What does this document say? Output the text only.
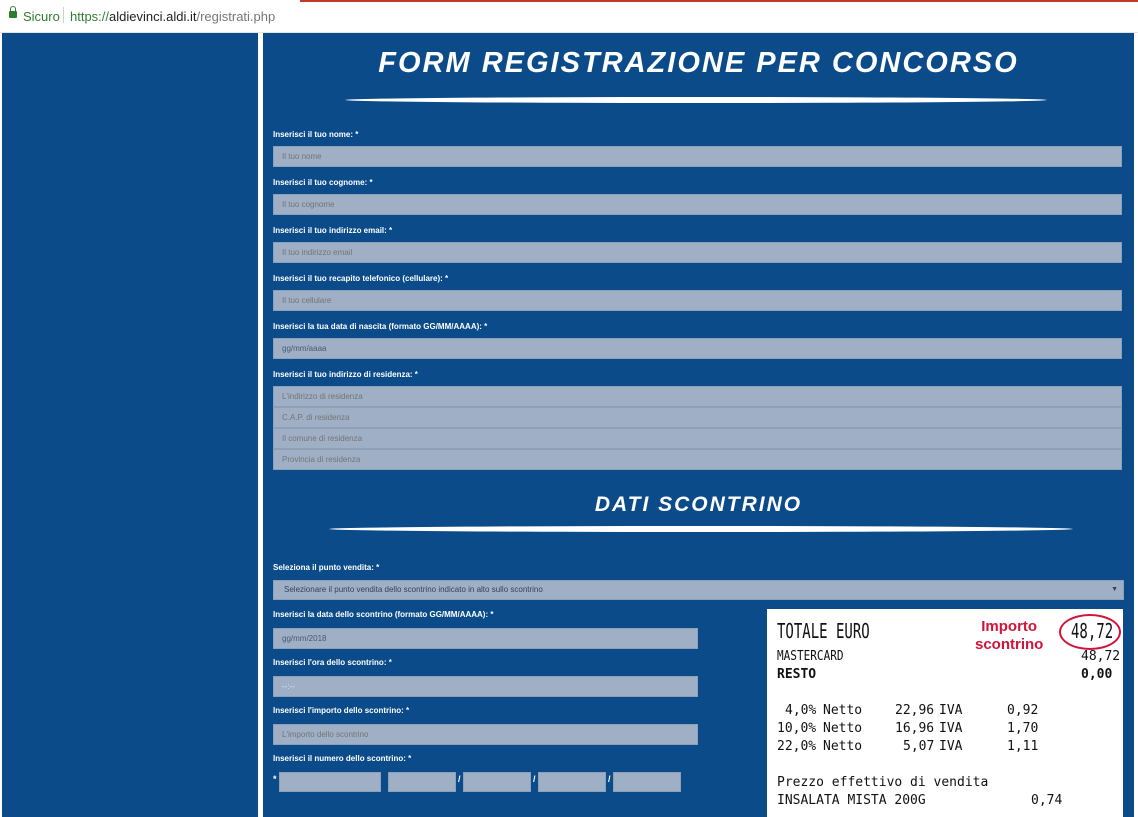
Sicuro https://aldievinci.aldi.it/registrati.php
FORM REGISTRAZIONE PER CONCORSO
Inserisci il tuo nome: *
Il tuo nome
Inserisci il tuo cognome: *
Il tuo cognome
Inserisci il tuo indirizzo email: *
Il tuo indirizzo email
Inserisci il tuo recapito telefonico (cellulare): *
Il tuo cellulare
Inserisci la tua data di nascita (formato GG/MM/AAAA): *
gg/mm/aaaa
Inserisci il tuo indirizzo di residenza: *
L'indirizzo di residenza
C.A.P. di residenza
Il comune di residenza
Provincia di residenza
DATI SCONTRINO
Seleziona il punto vendita: *
Selezionare il punto vendita dello scontrino indicato in alto sullo scontrino	▼
Inserisci la data dello scontrino (formato GG/MM/AAAA): *
gg/mm/2018
Inserisci l'ora dello scontrino: *
--:--
Inserisci l'importo dello scontrino: *
L'importo dello scontrino
Inserisci il numero dello scontrino: *
*	/	/	/
TOTALE EURO	Importo
scontrino
48,72
MASTERCARD	48,72
RESTO	0,00
4,0% Netto	22,96 IVA	0,92
10,0% Netto	16,96 IVA	1,70
22,0% Netto	5,07 IVA	1,11
Prezzo effettivo di vendita
INSALATA MISTA 200G	0,74
